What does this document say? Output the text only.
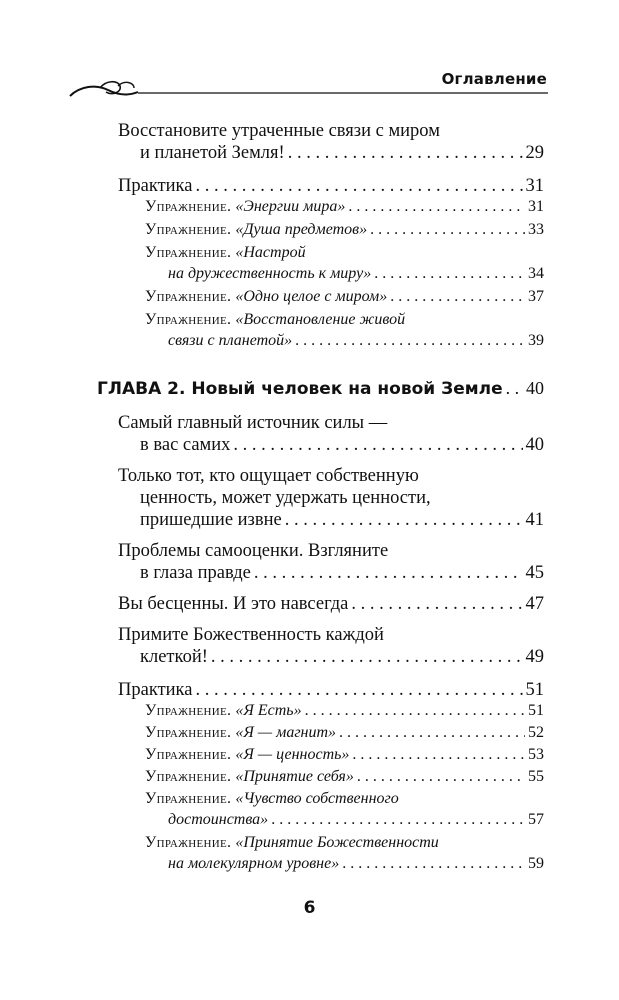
Оглавление
Восстановите утраченные связи с миром
и планетой Земля! . . .	29
Практика . . .	31
Упражнение. «Энергии мира» . . .	31
Упражнение. «Душа предметов» . . .	33
Упражнение. «Настрой
на дружественность к миру» . . .	34
Упражнение. «Одно целое с миром» . . .	37
Упражнение. «Восстановление живой
связи с планетой» . . .	39
ГЛАВА 2. Новый человек на новой Земле . . . 40
Самый главный источник силы —
в вас самих . . .	40
Только тот, кто ощущает собственную
ценность, может удержать ценности,
пришедшие извне . . .	41
Проблемы самооценки. Взгляните
в глаза правде . . .	45
Вы бесценны. И это навсегда . . .	47
Примите Божественность каждой
клеткой! . . .	49
Практика . . .	51
Упражнение. «Я Есть» . . .	51
Упражнение. «Я — магнит» . . .	52
Упражнение. «Я — ценность» . . .	53
Упражнение. «Принятие себя» . . .	55
Упражнение. «Чувство собственного
достоинства» . . .	57
Упражнение. «Принятие Божественности
на молекулярном уровне» . . .	59
6
